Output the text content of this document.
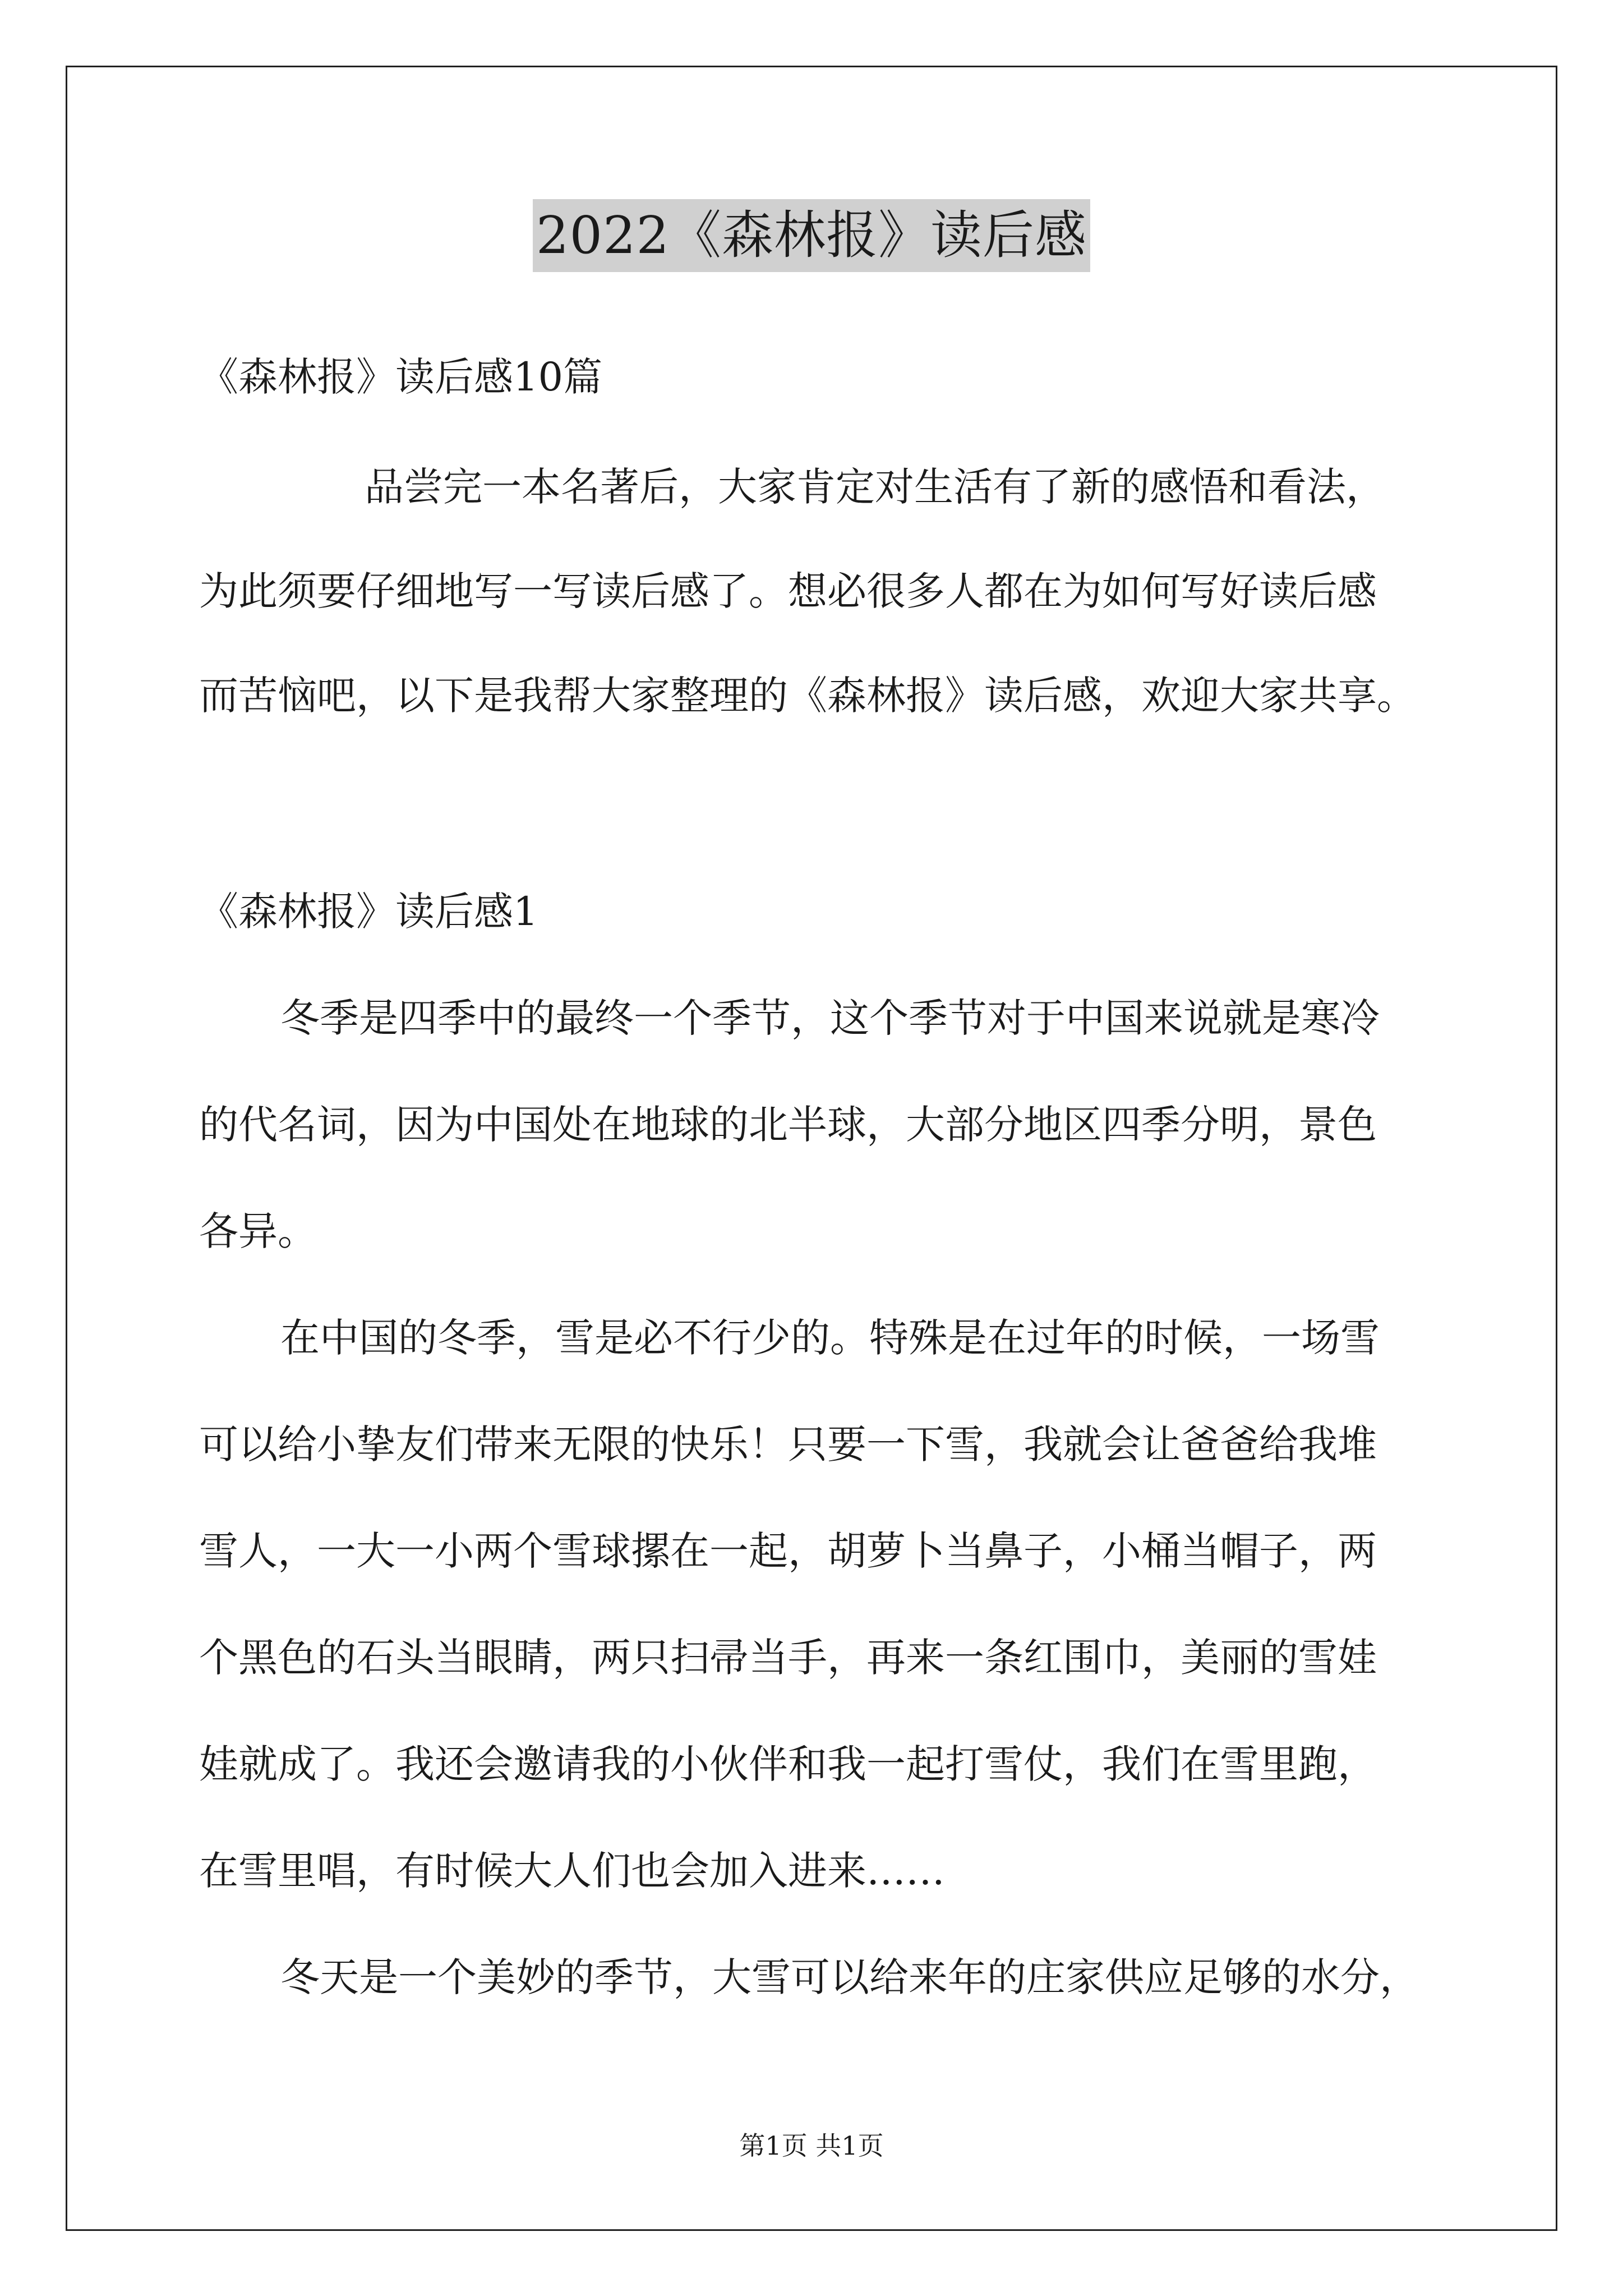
2022《森林报》读后感
《森林报》读后感10篇
品尝完一本名著后，大家肯定对生活有了新的感悟和看法，
为此须要仔细地写一写读后感了。想必很多人都在为如何写好读后感
而苦恼吧，以下是我帮大家整理的《森林报》读后感，欢迎大家共享。
《森林报》读后感1
冬季是四季中的最终一个季节，这个季节对于中国来说就是寒冷
的代名词，因为中国处在地球的北半球，大部分地区四季分明，景色
各异。
在中国的冬季，雪是必不行少的。特殊是在过年的时候，一场雪
可以给小挚友们带来无限的快乐！只要一下雪，我就会让爸爸给我堆
雪人，一大一小两个雪球摞在一起，胡萝卜当鼻子，小桶当帽子，两
个黑色的石头当眼睛，两只扫帚当手，再来一条红围巾，美丽的雪娃
娃就成了。我还会邀请我的小伙伴和我一起打雪仗，我们在雪里跑，
在雪里唱，有时候大人们也会加入进来……
冬天是一个美妙的季节，大雪可以给来年的庄家供应足够的水分，
第1页 共1页
